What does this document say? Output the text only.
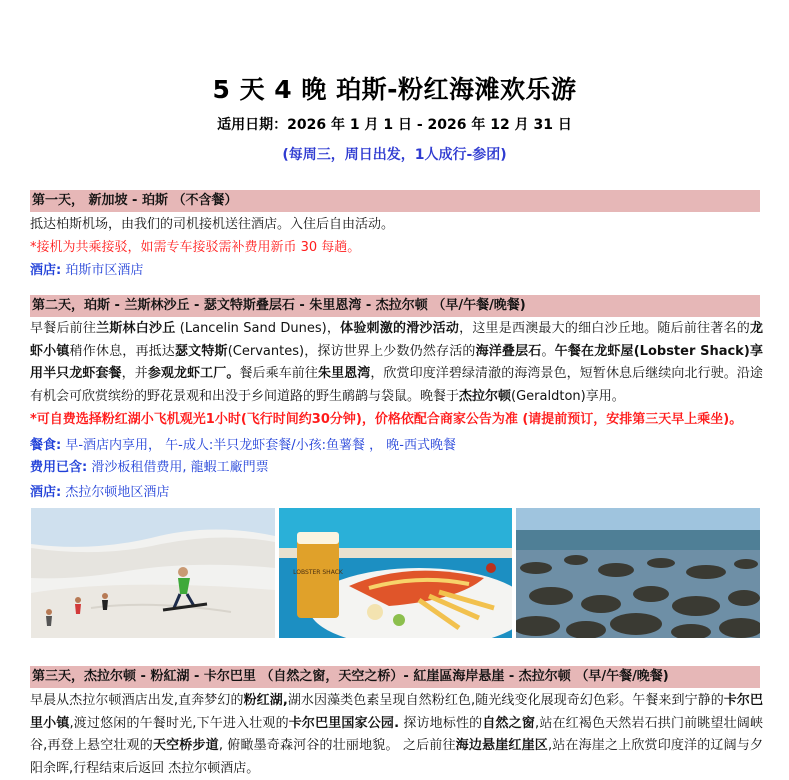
5 天 4 晚 珀斯-粉红海滩欢乐游
适用日期：2026 年 1 月 1 日 - 2026 年 12 月 31 日
(每周三，周日出发，1人成行-参团)
第一天， 新加坡 - 珀斯 （不含餐）
抵达柏斯机场，由我们的司机接机送往酒店。入住后自由活动。
*接机为共乘接驳，如需专车接驳需补费用新币 30 每趟。
酒店: 珀斯市区酒店
第二天，珀斯 - 兰斯林沙丘 - 瑟文特斯叠层石 - 朱里恩湾 - 杰拉尔顿 （早/午餐/晚餐)
早餐后前往兰斯林白沙丘 (Lancelin Sand Dunes)，体验刺激的滑沙活动，这里是西澳最大的细白沙丘地。随后前往著名的龙虾小镇稍作休息，再抵达瑟文特斯(Cervantes)，探访世界上少数仍然存活的海洋叠层石。午餐在龙虾屋(Lobster Shack)享用半只龙虾套餐，并参观龙虾工厂。餐后乘车前往朱里恩湾，欣赏印度洋碧绿清澈的海湾景色，短暂休息后继续向北行驶。沿途有机会可欣赏缤纷的野花景观和出没于乡间道路的野生鸸鹋与袋鼠。晚餐于杰拉尔顿(Geraldton)享用。
*可自费选择粉红湖小飞机观光1小时(飞行时间约30分钟)，价格依配合商家公告为准 (请提前预订，安排第三天早上乘坐)。
餐食: 早-酒店内享用， 午-成人:半只龙虾套餐/小孩:鱼薯餐 ， 晚-西式晚餐
费用已含: 滑沙板租借费用, 龍蝦工廠門票
酒店: 杰拉尔顿地区酒店
LOBSTER SHACK
第三天，杰拉尔顿 - 粉紅湖 - 卡尔巴里 （自然之窗，天空之桥）- 紅崖區海岸悬崖 - 杰拉尔顿 （早/午餐/晚餐)
早晨从杰拉尔顿酒店出发,直奔梦幻的粉红湖,湖水因藻类色素呈现自然粉红色,随光线变化展现奇幻色彩。午餐来到宁静的卡尔巴里小镇,渡过悠闲的午餐时光,下午进入壮观的卡尔巴里国家公园. 探访地标性的自然之窗,站在红褐色天然岩石拱门前眺望壮阔峡谷,再登上悬空壮观的天空桥步道, 俯瞰墨奇森河谷的壮丽地貌。 之后前往海边悬崖红崖区,站在海崖之上欣赏印度洋的辽阔与夕阳余晖,行程结束后返回 杰拉尔顿酒店。
